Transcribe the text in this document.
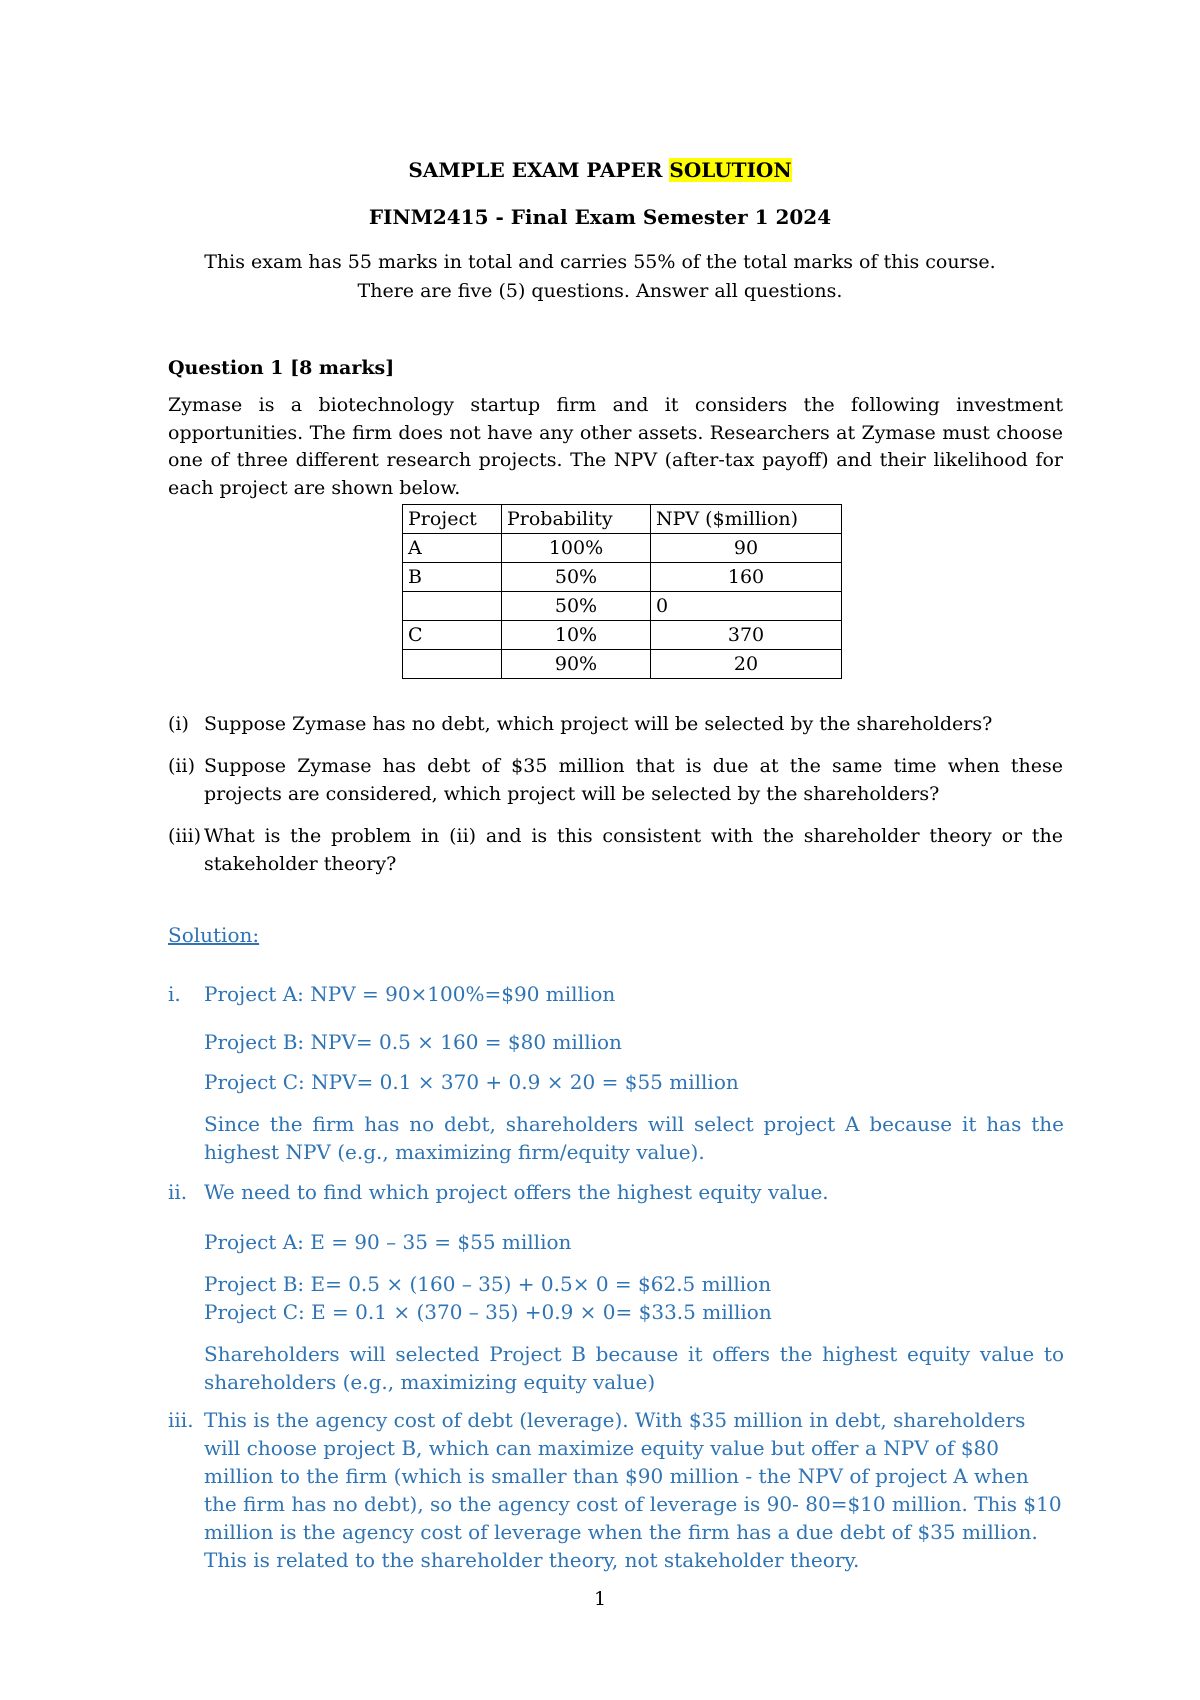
SAMPLE EXAM PAPER SOLUTION
FINM2415 - Final Exam Semester 1 2024
This exam has 55 marks in total and carries 55% of the total marks of this course.
There are five (5) questions. Answer all questions.
Question 1 [8 marks]
Zymase is a biotechnology startup firm and it considers the following investment opportunities. The firm does not have any other assets. Researchers at Zymase must choose one of three different research projects. The NPV (after-tax payoff) and their likelihood for each project are shown below.
Project	Probability	NPV ($million)
A	100%	90
B	50%	160
	50%	0
C	10%	370
	90%	20
(i) Suppose Zymase has no debt, which project will be selected by the shareholders?
(ii) Suppose Zymase has debt of $35 million that is due at the same time when these projects are considered, which project will be selected by the shareholders?
(iii) What is the problem in (ii) and is this consistent with the shareholder theory or the stakeholder theory?
Solution:
i. Project A: NPV = 90×100%=$90 million
Project B: NPV= 0.5 × 160 = $80 million
Project C: NPV= 0.1 × 370 + 0.9 × 20 = $55 million
Since the firm has no debt, shareholders will select project A because it has the highest NPV (e.g., maximizing firm/equity value).
ii. We need to find which project offers the highest equity value.
Project A: E = 90 – 35 = $55 million
Project B: E= 0.5 × (160 – 35) + 0.5× 0 = $62.5 million
Project C: E = 0.1 × (370 – 35) +0.9 × 0= $33.5 million
Shareholders will selected Project B because it offers the highest equity value to shareholders (e.g., maximizing equity value)
iii. This is the agency cost of debt (leverage). With $35 million in debt, shareholders will choose project B, which can maximize equity value but offer a NPV of $80 million to the firm (which is smaller than $90 million - the NPV of project A when the firm has no debt), so the agency cost of leverage is 90- 80=$10 million. This $10 million is the agency cost of leverage when the firm has a due debt of $35 million. This is related to the shareholder theory, not stakeholder theory.
1
